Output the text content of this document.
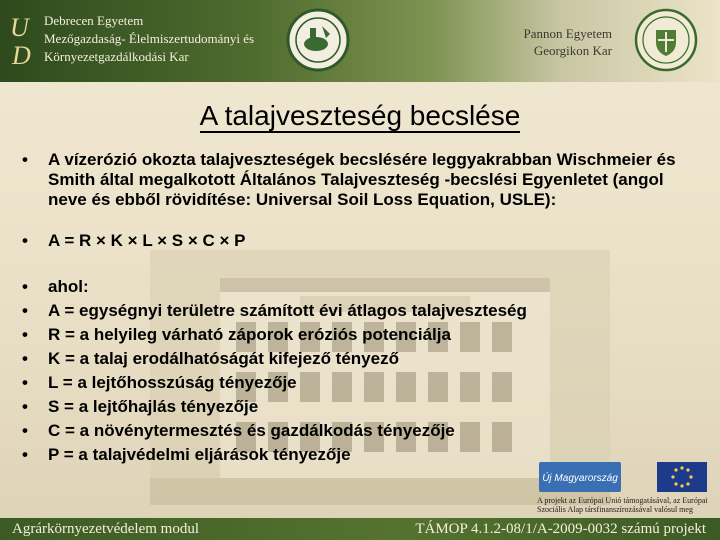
U
D
Debrecen Egyetem
Mezőgazdaság- Élelmiszertudományi és
Környezetgazdálkodási Kar
Pannon Egyetem
Georgikon Kar
A talajveszteség becslése
• A vízerózió okozta talajveszteségek becslésére leggyakrabban Wischmeier és Smith által megalkotott Általános Talajveszteség -becslési Egyenletet (angol neve és ebből rövidítése: Universal Soil Loss Equation, USLE):
• A = R × K × L × S × C × P
• ahol:
• A = egységnyi területre számított évi átlagos talajveszteség
• R = a helyileg várható záporok eróziós potenciálja
• K = a talaj erodálhatóságát kifejező tényező
• L = a lejtőhosszúság tényezője
• S = a lejtőhajlás tényezője
• C = a növénytermesztés és gazdálkodás tényezője
• P = a talajvédelmi eljárások tényezője
Új Magyarország
A projekt az Európai Unió támogatásával, az Európai Szociális Alap társfinanszírozásával valósul meg
Agrárkörnyezetvédelem modul	TÁMOP 4.1.2-08/1/A-2009-0032 számú projekt
